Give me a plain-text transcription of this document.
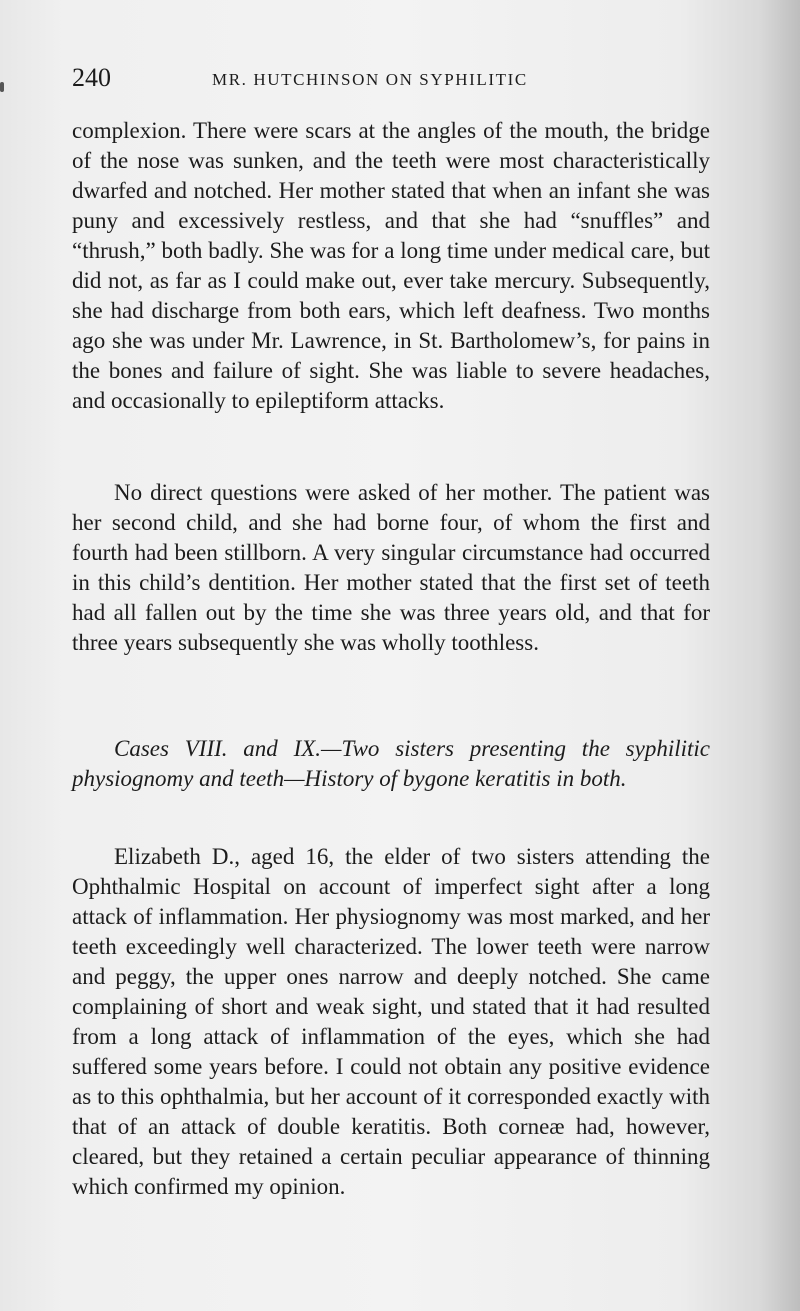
240	MR. HUTCHINSON ON SYPHILITIC

complexion. There were scars at the angles of the mouth, the bridge of the nose was sunken, and the teeth were most characteristically dwarfed and notched. Her mother stated that when an infant she was puny and excessively restless, and that she had “snuffles” and “thrush,” both badly. She was for a long time under medical care, but did not, as far as I could make out, ever take mercury. Subsequently, she had discharge from both ears, which left deafness. Two months ago she was under Mr. Lawrence, in St. Bartholomew’s, for pains in the bones and failure of sight. She was liable to severe headaches, and occasionally to epileptiform attacks.

No direct questions were asked of her mother. The patient was her second child, and she had borne four, of whom the first and fourth had been stillborn. A very singular circumstance had occurred in this child’s dentition. Her mother stated that the first set of teeth had all fallen out by the time she was three years old, and that for three years subsequently she was wholly toothless.

Cases VIII. and IX.—Two sisters presenting the syphilitic physiognomy and teeth—History of bygone keratitis in both.

Elizabeth D., aged 16, the elder of two sisters attending the Ophthalmic Hospital on account of imperfect sight after a long attack of inflammation. Her physiognomy was most marked, and her teeth exceedingly well characterized. The lower teeth were narrow and peggy, the upper ones narrow and deeply notched. She came complaining of short and weak sight, und stated that it had resulted from a long attack of inflammation of the eyes, which she had suffered some years before. I could not obtain any positive evidence as to this ophthalmia, but her account of it corresponded exactly with that of an attack of double keratitis. Both corneæ had, however, cleared, but they retained a certain peculiar appearance of thinning which confirmed my opinion.
